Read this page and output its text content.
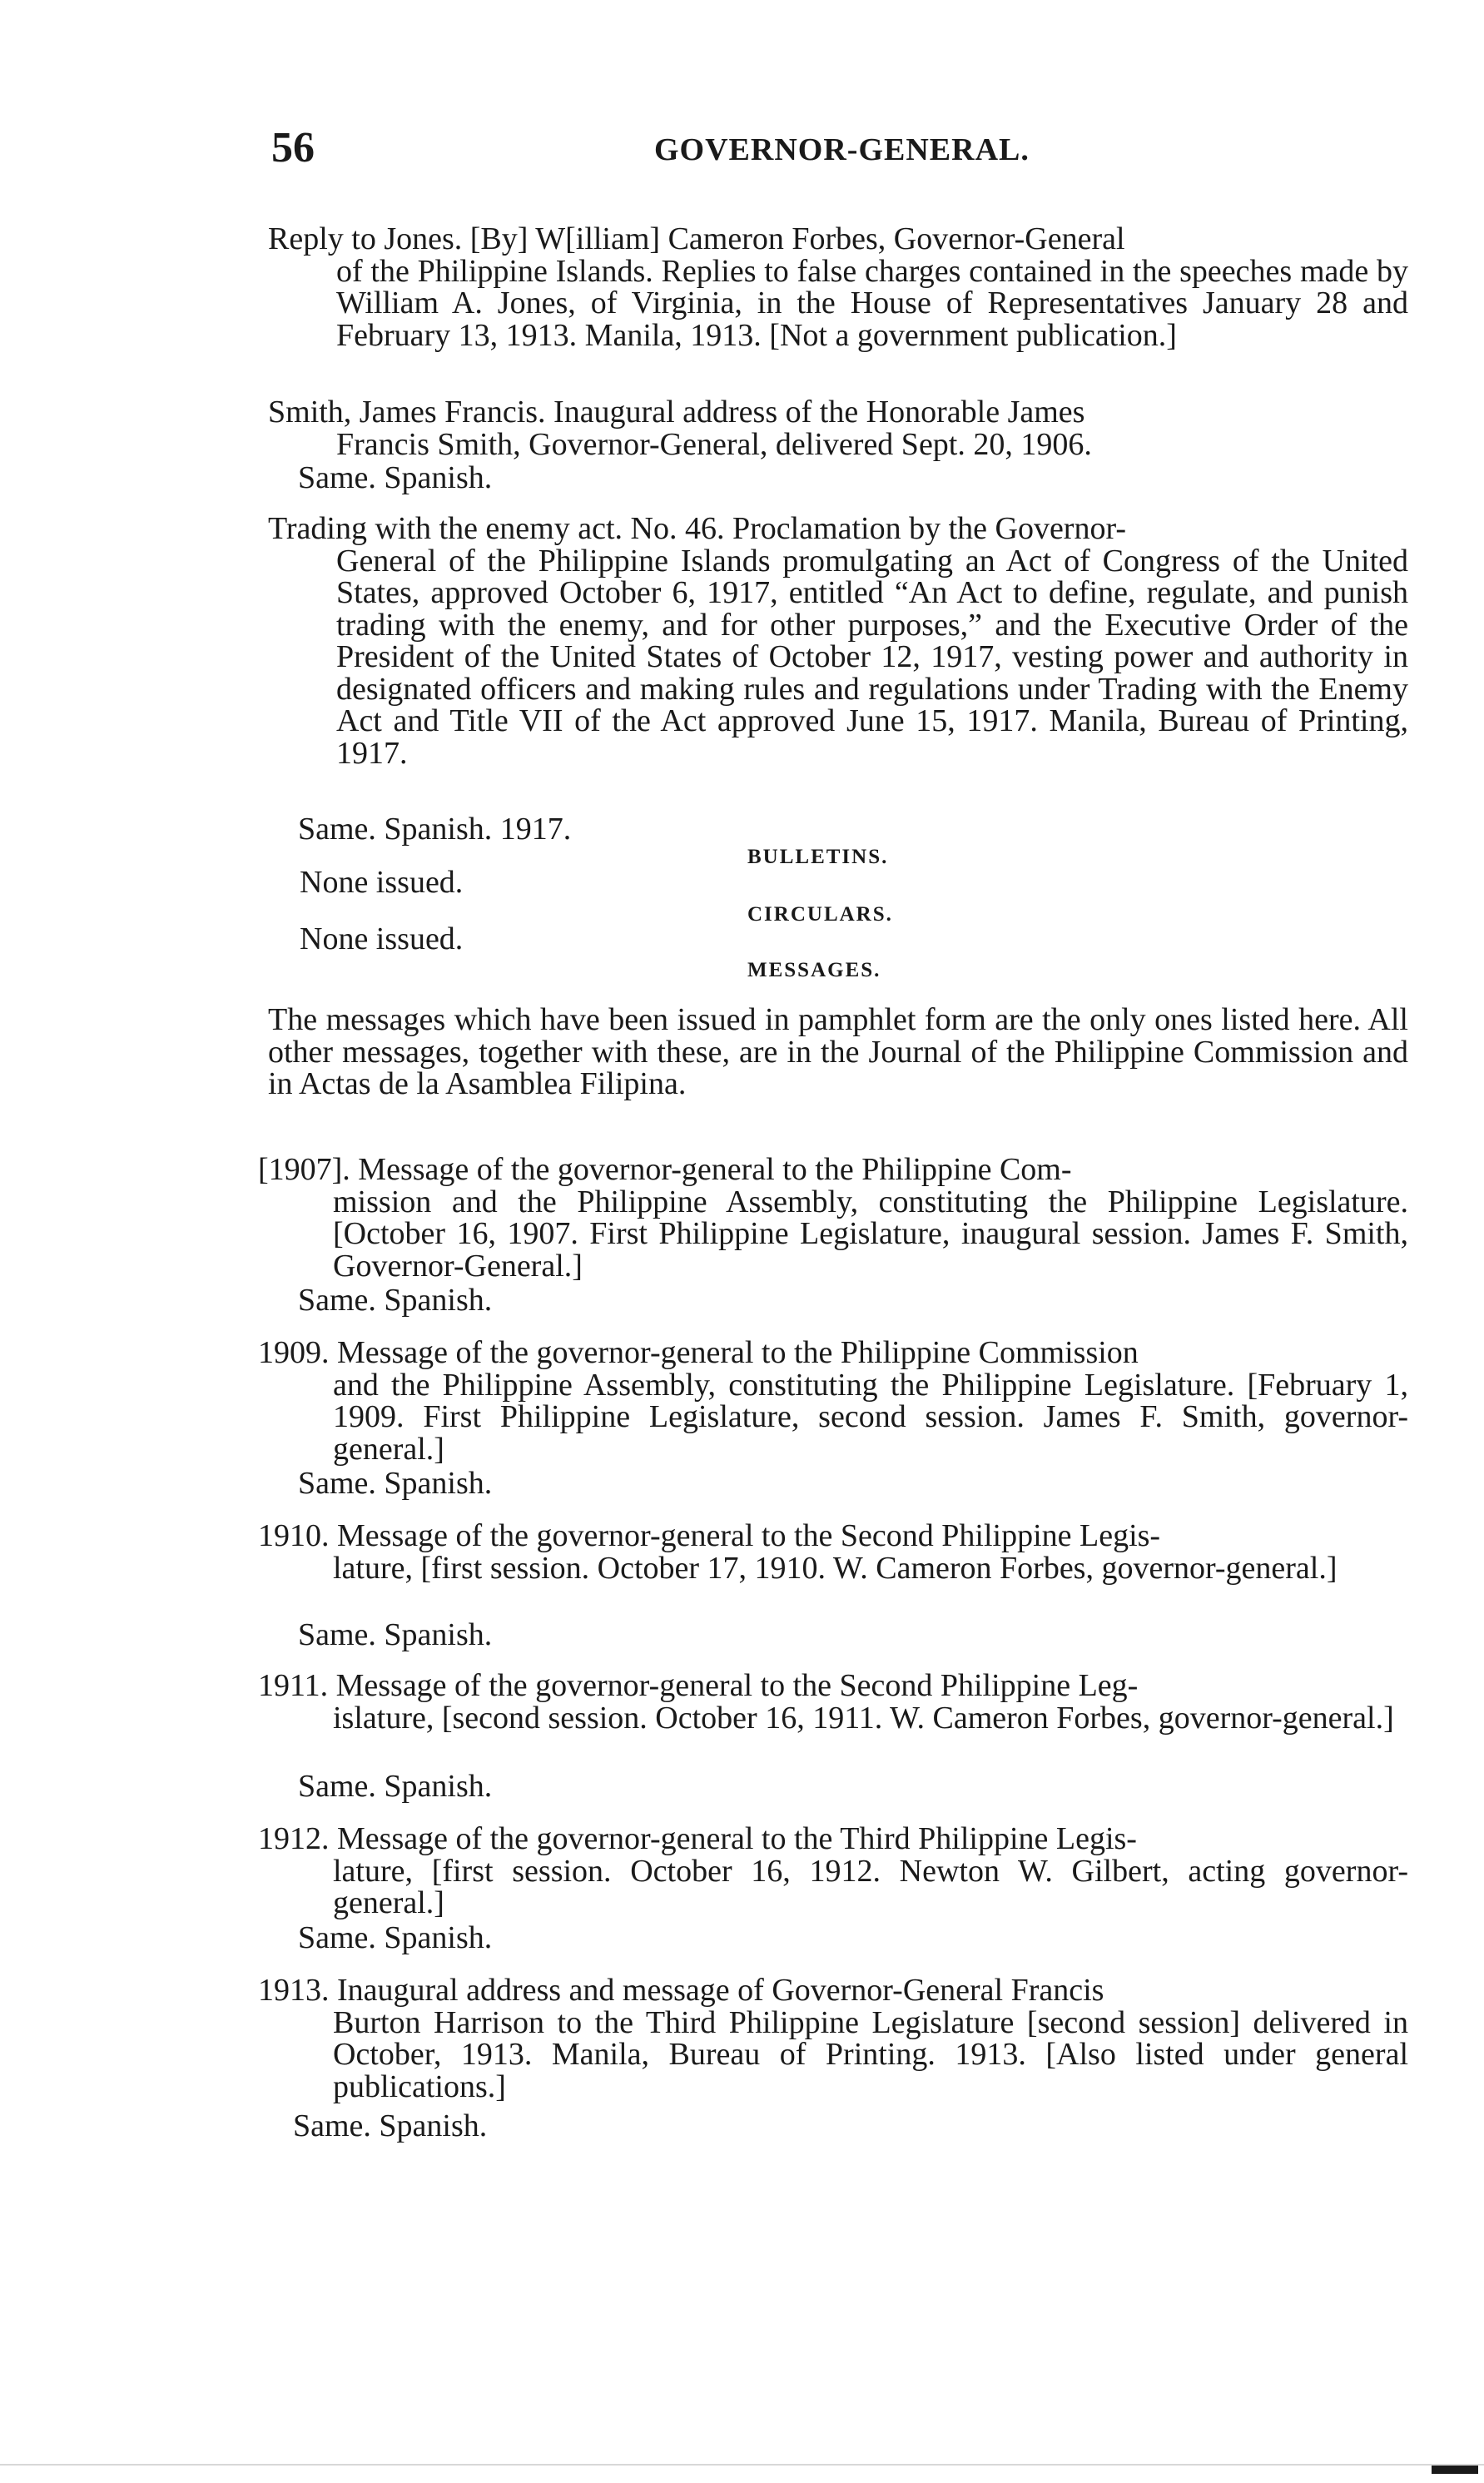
56	GOVERNOR-GENERAL.
Reply to Jones. [By] W[illiam] Cameron Forbes, Governor-General
of the Philippine Islands. Replies to false charges contained in the speeches made by William A. Jones, of Virginia, in the House of Representatives January 28 and February 13, 1913. Manila, 1913. [Not a government publication.]
Smith, James Francis. Inaugural address of the Honorable James
Francis Smith, Governor-General, delivered Sept. 20, 1906.
Same. Spanish.
Trading with the enemy act. No. 46. Proclamation by the Governor-
General of the Philippine Islands promulgating an Act of Congress of the United States, approved October 6, 1917, entitled “An Act to define, regulate, and punish trading with the enemy, and for other purposes,” and the Executive Order of the President of the United States of October 12, 1917, vesting power and authority in designated officers and making rules and regulations under Trading with the Enemy Act and Title VII of the Act approved June 15, 1917. Manila, Bureau of Printing, 1917.
Same. Spanish. 1917.
BULLETINS.
None issued.
CIRCULARS.
None issued.
MESSAGES.
The messages which have been issued in pamphlet form are the only ones listed here. All other messages, together with these, are in the Journal of the Philippine Commission and in Actas de la Asamblea Filipina.
[1907]. Message of the governor-general to the Philippine Com-
mission and the Philippine Assembly, constituting the Philippine Legislature. [October 16, 1907. First Philippine Legislature, inaugural session. James F. Smith, Governor-General.]
Same. Spanish.
1909. Message of the governor-general to the Philippine Commission
and the Philippine Assembly, constituting the Philippine Legislature. [February 1, 1909. First Philippine Legislature, second session. James F. Smith, governor-general.]
Same. Spanish.
1910. Message of the governor-general to the Second Philippine Legis-
lature, [first session. October 17, 1910. W. Cameron Forbes, governor-general.]
Same. Spanish.
1911. Message of the governor-general to the Second Philippine Leg-
islature, [second session. October 16, 1911. W. Cameron Forbes, governor-general.]
Same. Spanish.
1912. Message of the governor-general to the Third Philippine Legis-
lature, [first session. October 16, 1912. Newton W. Gilbert, acting governor-general.]
Same. Spanish.
1913. Inaugural address and message of Governor-General Francis
Burton Harrison to the Third Philippine Legislature [second session] delivered in October, 1913. Manila, Bureau of Printing. 1913. [Also listed under general publications.]
Same. Spanish.
